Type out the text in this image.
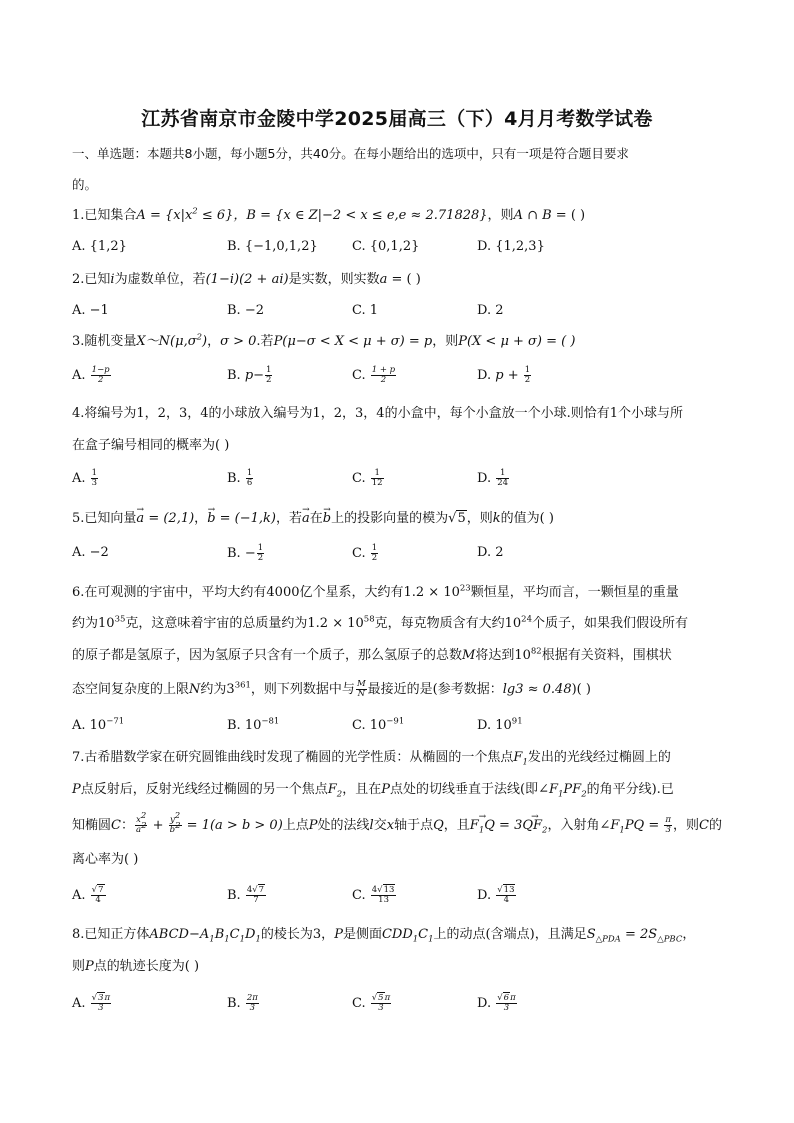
江苏省南京市金陵中学2025届高三（下）4月月考数学试卷
一、单选题：本题共8小题，每小题5分，共40分。在每小题给出的选项中，只有一项是符合题目要求
的。
1.已知集合$A = \{x|x^2 \le 6\}$，B = {x ∈ Z|−2 < x ≤ e,e ≈ 2.71828}，则A ∩ B = ( )
A. {1,2}	B. {−1,0,1,2}	C. {0,1,2}	D. {1,2,3}
2.已知i为虚数单位，若(1−i)(2 + ai)是实数，则实数a = ( )
A. −1	B. −2	C. 1	D. 2
3.随机变量$X\sim N(\mu,\sigma^2)$，σ > 0.若P(μ−σ < X < μ + σ) = p，则P(X < μ + σ) = ( )
A. $\frac{1-p}{2}$	B. $p- \frac{1}{2}$	C. $\frac{1 + p}{2}$	D. $p + \frac{1}{2}$
4.将编号为1，2，3，4的小球放入编号为1，2，3，4的小盒中，每个小盒放一个小球.则恰有1个小球与所
在盒子编号相同的概率为( )
A. $\frac{1}{3}$	B. $\frac{1}{6}$	C. $\frac{1}{12}$	D. $\frac{1}{24}$
5.已知向量→ a = (2,1)，→ b = (−1,k)，若→ a在→ b上的投影向量的模为√5，则k的值为( )
A. −2	B. − $\frac{1}{2}$	C. $\frac{1}{2}$	D. 2
6.在可观测的宇宙中，平均大约有4000亿个星系，大约有$1.2 \times 10^{23}$颗恒星，平均而言，一颗恒星的重量
约为$10^{35}$克，这意味着宇宙的总质量约为$1.2 \times 10^{58}$克，每克物质含有大约$10^{24}$个质子，如果我们假设所有
的原子都是氢原子，因为氢原子只含有一个质子，那么氢原子的总数M将达到$10^{82}$根据有关资料，围棋状
态空间复杂度的上限N约为$3^{361}$，则下列数据中与 $\frac{M}{N}$ 最接近的是(参考数据：lg3 ≈ 0.48)( )
A. $10^{-71}$	B. $10^{-81}$	C. $10^{-91}$	D. $10^{91}$
7.古希腊数学家在研究圆锥曲线时发现了椭圆的光学性质：从椭圆的一个焦点$F_1$发出的光线经过椭圆上的
P点反射后，反射光线经过椭圆的另一个焦点$F_2$，且在P点处的切线垂直于法线(即$\angle F_1PF_2$的角平分线).已
知椭圆C： $\frac{x^2}{a^2} + \frac{y^2}{b^2} = 1(a > b > 0)$上点P处的法线l交x轴于点Q，且→ $F_1Q = 3\to QF_2$，入射角$\angle F_1PQ = \frac{\pi}{3}$ ，则C的
离心率为( )
A. $\frac{√7}{4}$	B. $\frac{4√7}{7}$	C. $\frac{4√13}{13}$	D. $\frac{√13}{4}$
8.已知正方体$ABCD-A_1B_1C_1D_1$的棱长为3，P是侧面$CDD_1C_1$上的动点(含端点)，且满足$S_{\triangle PDA} = 2S_{\triangle PBC}$，
则P点的轨迹长度为( )
A. $\frac{√3\pi}{3}$	B. $\frac{2\pi}{3}$	C. $\frac{√5\pi}{3}$	D. $\frac{√6\pi}{3}$
